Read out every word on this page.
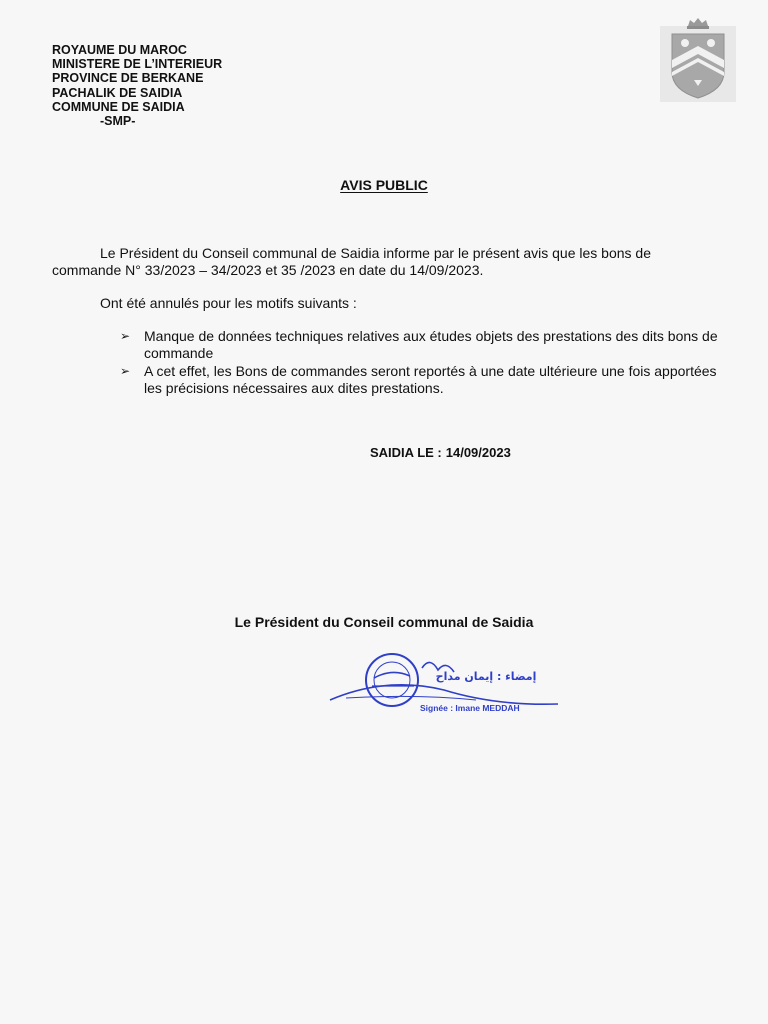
ROYAUME DU MAROC
MINISTERE DE L’INTERIEUR
PROVINCE DE BERKANE
PACHALIK DE SAIDIA
COMMUNE DE SAIDIA
-SMP-
AVIS PUBLIC

Le Président du Conseil communal de Saidia informe par le présent avis que les bons de commande N° 33/2023 – 34/2023 et 35 /2023 en date du 14/09/2023.

Ont été annulés pour les motifs suivants :

➢ Manque de données techniques relatives aux études objets des prestations des dits bons de commande
➢ A cet effet, les Bons de commandes seront reportés à une date ultérieure une fois apportées les précisions nécessaires aux dites prestations.
SAIDIA LE : 14/09/2023
Le Président du Conseil communal de Saidia
إمضاء : إيمان مداح
Signée : Imane MEDDAH
